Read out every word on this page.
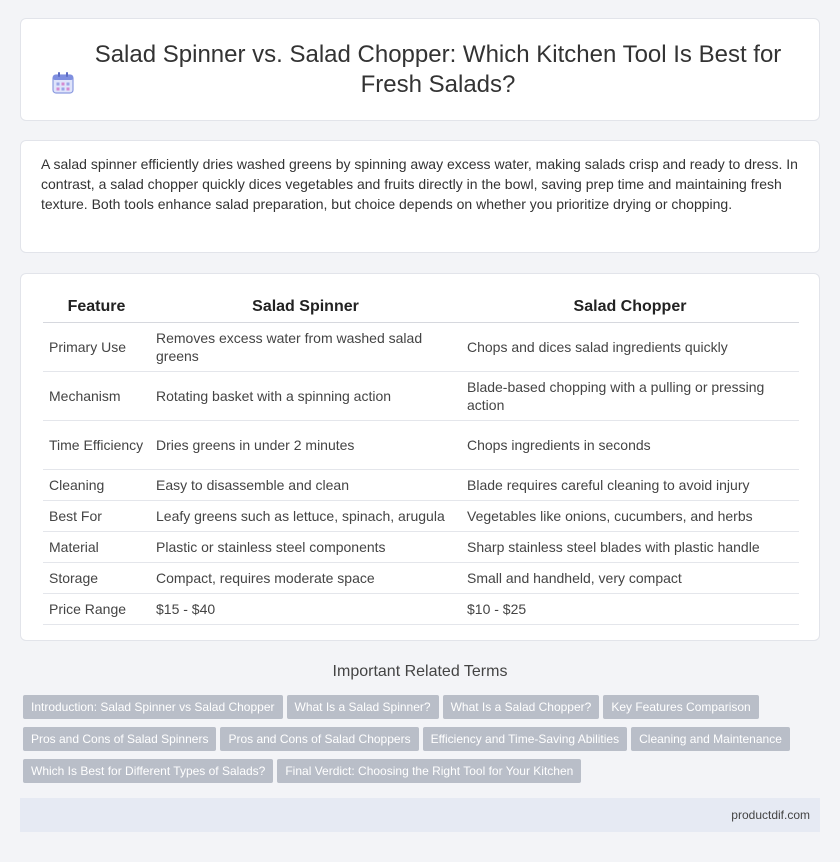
Salad Spinner vs. Salad Chopper: Which Kitchen Tool Is Best for Fresh Salads?

A salad spinner efficiently dries washed greens by spinning away excess water, making salads crisp and ready to dress. In contrast, a salad chopper quickly dices vegetables and fruits directly in the bowl, saving prep time and maintaining fresh texture. Both tools enhance salad preparation, but choice depends on whether you prioritize drying or chopping.

Feature	Salad Spinner	Salad Chopper
Primary Use	Removes excess water from washed salad greens	Chops and dices salad ingredients quickly
Mechanism	Rotating basket with a spinning action	Blade-based chopping with a pulling or pressing action
Time Efficiency	Dries greens in under 2 minutes	Chops ingredients in seconds
Cleaning	Easy to disassemble and clean	Blade requires careful cleaning to avoid injury
Best For	Leafy greens such as lettuce, spinach, arugula	Vegetables like onions, cucumbers, and herbs
Material	Plastic or stainless steel components	Sharp stainless steel blades with plastic handle
Storage	Compact, requires moderate space	Small and handheld, very compact
Price Range	$15 - $40	$10 - $25
Important Related Terms
Introduction: Salad Spinner vs Salad Chopper What Is a Salad Spinner? What Is a Salad Chopper? Key Features ComparisonPros and Cons of Salad Spinners Pros and Cons of Salad Choppers Efficiency and Time-Saving Abilities Cleaning and MaintenanceWhich Is Best for Different Types of Salads? Final Verdict: Choosing the Right Tool for Your Kitchen
productdif.com
